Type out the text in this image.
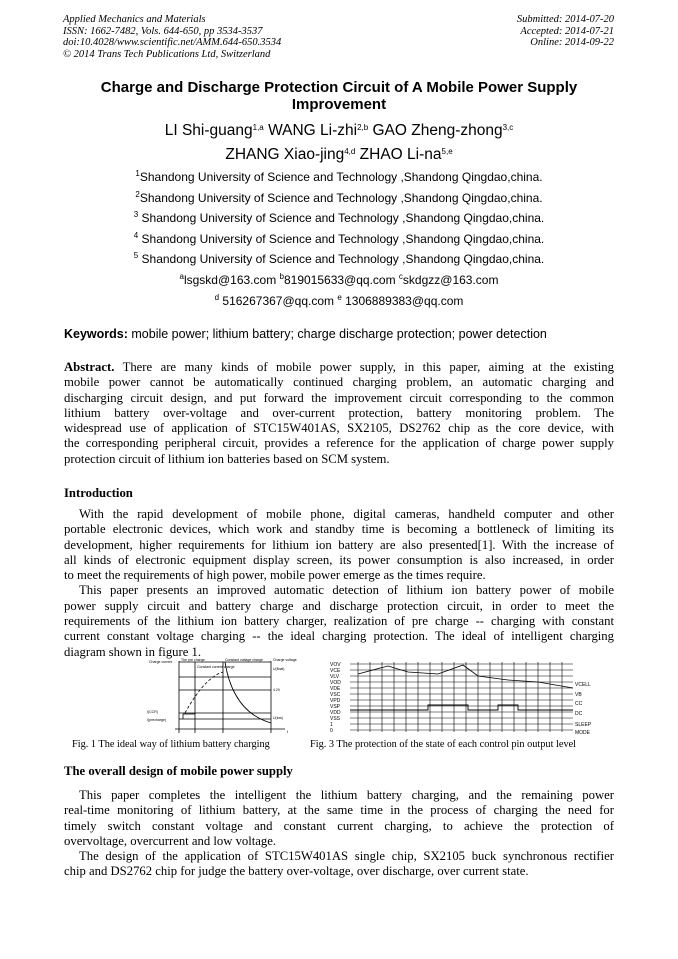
Applied Mechanics and Materials
ISSN: 1662-7482, Vols. 644-650, pp 3534-3537
doi:10.4028/www.scientific.net/AMM.644-650.3534
© 2014 Trans Tech Publications Ltd, Switzerland
Submitted: 2014-07-20
Accepted: 2014-07-21
Online: 2014-09-22
Charge and Discharge Protection Circuit of A Mobile Power Supply
Improvement
LI Shi-guang$^{1,a}$ WANG Li-zhi$^{2,b}$ GAO Zheng-zhong$^{3,c}$
ZHANG Xiao-jing$^{4,d}$ ZHAO Li-na$^{5,e}$
$^1$Shandong University of Science and Technology ,Shandong Qingdao,china.
$^2$Shandong University of Science and Technology ,Shandong Qingdao,china.
$^3$ Shandong University of Science and Technology ,Shandong Qingdao,china.
$^4$ Shandong University of Science and Technology ,Shandong Qingdao,china.
$^5$ Shandong University of Science and Technology ,Shandong Qingdao,china.
$^a$lsgskd@163.com $^b$819015633@qq.com $^c$skdgzz@163.com
$^d$ 516267367@qq.com $^e$ 1306889383@qq.com
Keywords: mobile power; lithium battery; charge discharge protection; power detection
Abstract. There are many kinds of mobile power supply, in this paper, aiming at the existing
mobile power cannot be automatically continued charging problem, an automatic charging and
discharging circuit design, and put forward the improvement circuit corresponding to the common
lithium battery over-voltage and over-current protection, battery monitoring problem. The
widespread use of application of STC15W401AS, SX2105, DS2762 chip as the core device, with
the corresponding peripheral circuit, provides a reference for the application of charge power supply
protection circuit of lithium ion batteries based on SCM system.
Introduction
With the rapid development of mobile phone, digital cameras, handheld computer and other
portable electronic devices, which work and standby time is becoming a bottleneck of limiting its
development, higher requirements for lithium ion battery are also presented[1]. With the increase of
all kinds of electronic equipment display screen, its power consumption is also increased, in order
to meet the requirements of high power, mobile power emerge as the times require.
This paper presents an improved automatic detection of lithium ion battery power of mobile
power supply circuit and battery charge and discharge protection circuit, in order to meet the
requirements of the lithium ion battery charger, realization of pre charge -- charging with constant
current constant voltage charging -- the ideal charging protection. The ideal of intelligent charging
diagram shown in figure 1.
Charge current The pre charge
Constant current charge
Constant voltage charge	Charge voltage
U(float)
4.2V
U(low)
I(CCR)
I(precharge)
t
VOV
VCE
VLV
VOD
VDE
VSC
VPD
VSP
VDD
VSS
1
0
VCELL
VB
CC
DC
SLEEP
MODE
Fig. 1 The ideal way of lithium battery charging	Fig. 3 The protection of the state of each control pin output level
The overall design of mobile power supply
This paper completes the intelligent the lithium battery charging, and the remaining power
real-time monitoring of lithium battery, at the same time in the process of charging the need for
timely switch constant voltage and constant current charging, to achieve the protection of
overvoltage, overcurrent and low voltage.
The design of the application of STC15W401AS single chip, SX2105 buck synchronous rectifier
chip and DS2762 chip for judge the battery over-voltage, over discharge, over current state.
